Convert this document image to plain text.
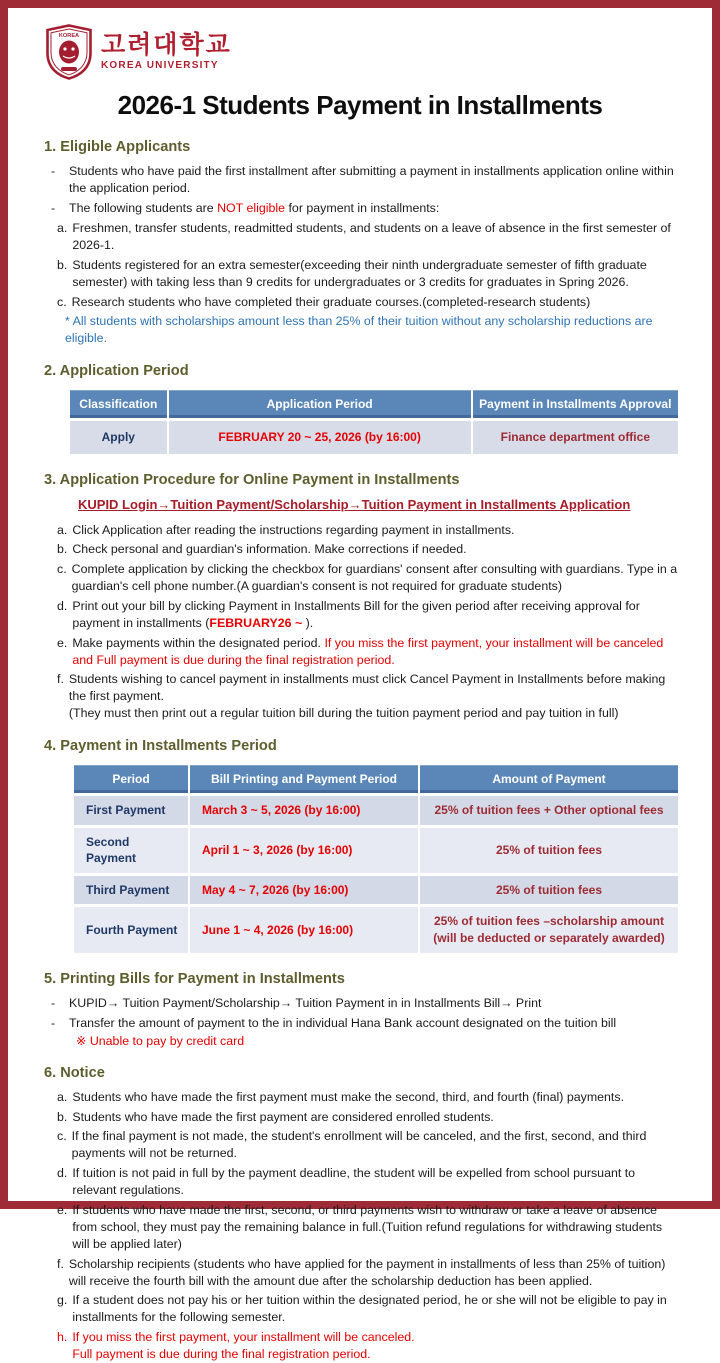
KOREA 고려대학교
KOREA UNIVERSITY
2026-1 Students Payment in Installments
1. Eligible Applicants
- Students who have paid the first installment after submitting a payment in installments application online within the application period.
- The following students are NOT eligible for payment in installments:
a. Freshmen, transfer students, readmitted students, and students on a leave of absence in the first semester of 2026-1.
b. Students registered for an extra semester(exceeding their ninth undergraduate semester of fifth graduate semester) with taking less than 9 credits for undergraduates or 3 credits for graduates in Spring 2026.
c. Research students who have completed their graduate courses.(completed-research students)
* All students with scholarships amount less than 25% of their tuition without any scholarship reductions are eligible.
2. Application Period
Classification	Application Period	Payment in Installments Approval
Apply	FEBRUARY 20 ~ 25, 2026 (by 16:00)	Finance department office
3. Application Procedure for Online Payment in Installments
KUPID Login→Tuition Payment/Scholarship→Tuition Payment in Installments Application
a. Click Application after reading the instructions regarding payment in installments.
b. Check personal and guardian's information. Make corrections if needed.
c. Complete application by clicking the checkbox for guardians' consent after consulting with guardians. Type in a guardian's cell phone number.(A guardian's consent is not required for graduate students)
d. Print out your bill by clicking Payment in Installments Bill for the given period after receiving approval for payment in installments (FEBRUARY26 ~ ).
e. Make payments within the designated period. If you miss the first payment, your installment will be canceled and Full payment is due during the final registration period.
f. Students wishing to cancel payment in installments must click Cancel Payment in Installments before making the first payment.
(They must then print out a regular tuition bill during the tuition payment period and pay tuition in full)
4. Payment in Installments Period
Period	Bill Printing and Payment Period	Amount of Payment
First Payment	March 3 ~ 5, 2026 (by 16:00)	25% of tuition fees + Other optional fees
Second Payment	April 1 ~ 3, 2026 (by 16:00)	25% of tuition fees
Third Payment	May 4 ~ 7, 2026 (by 16:00)	25% of tuition fees
Fourth Payment	June 1 ~ 4, 2026 (by 16:00)	25% of tuition fees –scholarship amount (will be deducted or separately awarded)
5. Printing Bills for Payment in Installments
- KUPID→ Tuition Payment/Scholarship→ Tuition Payment in in Installments Bill→ Print
- Transfer the amount of payment to the in individual Hana Bank account designated on the tuition bill
※ Unable to pay by credit card
6. Notice
a. Students who have made the first payment must make the second, third, and fourth (final) payments.
b. Students who have made the first payment are considered enrolled students.
c. If the final payment is not made, the student's enrollment will be canceled, and the first, second, and third payments will not be returned.
d. If tuition is not paid in full by the payment deadline, the student will be expelled from school pursuant to relevant regulations.
e. If students who have made the first, second, or third payments wish to withdraw or take a leave of absence from school, they must pay the remaining balance in full.(Tuition refund regulations for withdrawing students will be applied later)
f. Scholarship recipients (students who have applied for the payment in installments of less than 25% of tuition) will receive the fourth bill with the amount due after the scholarship deduction has been applied.
g. If a student does not pay his or her tuition within the designated period, he or she will not be eligible to pay in installments for the following semester.
h. If you miss the first payment, your installment will be canceled.
Full payment is due during the final registration period.
